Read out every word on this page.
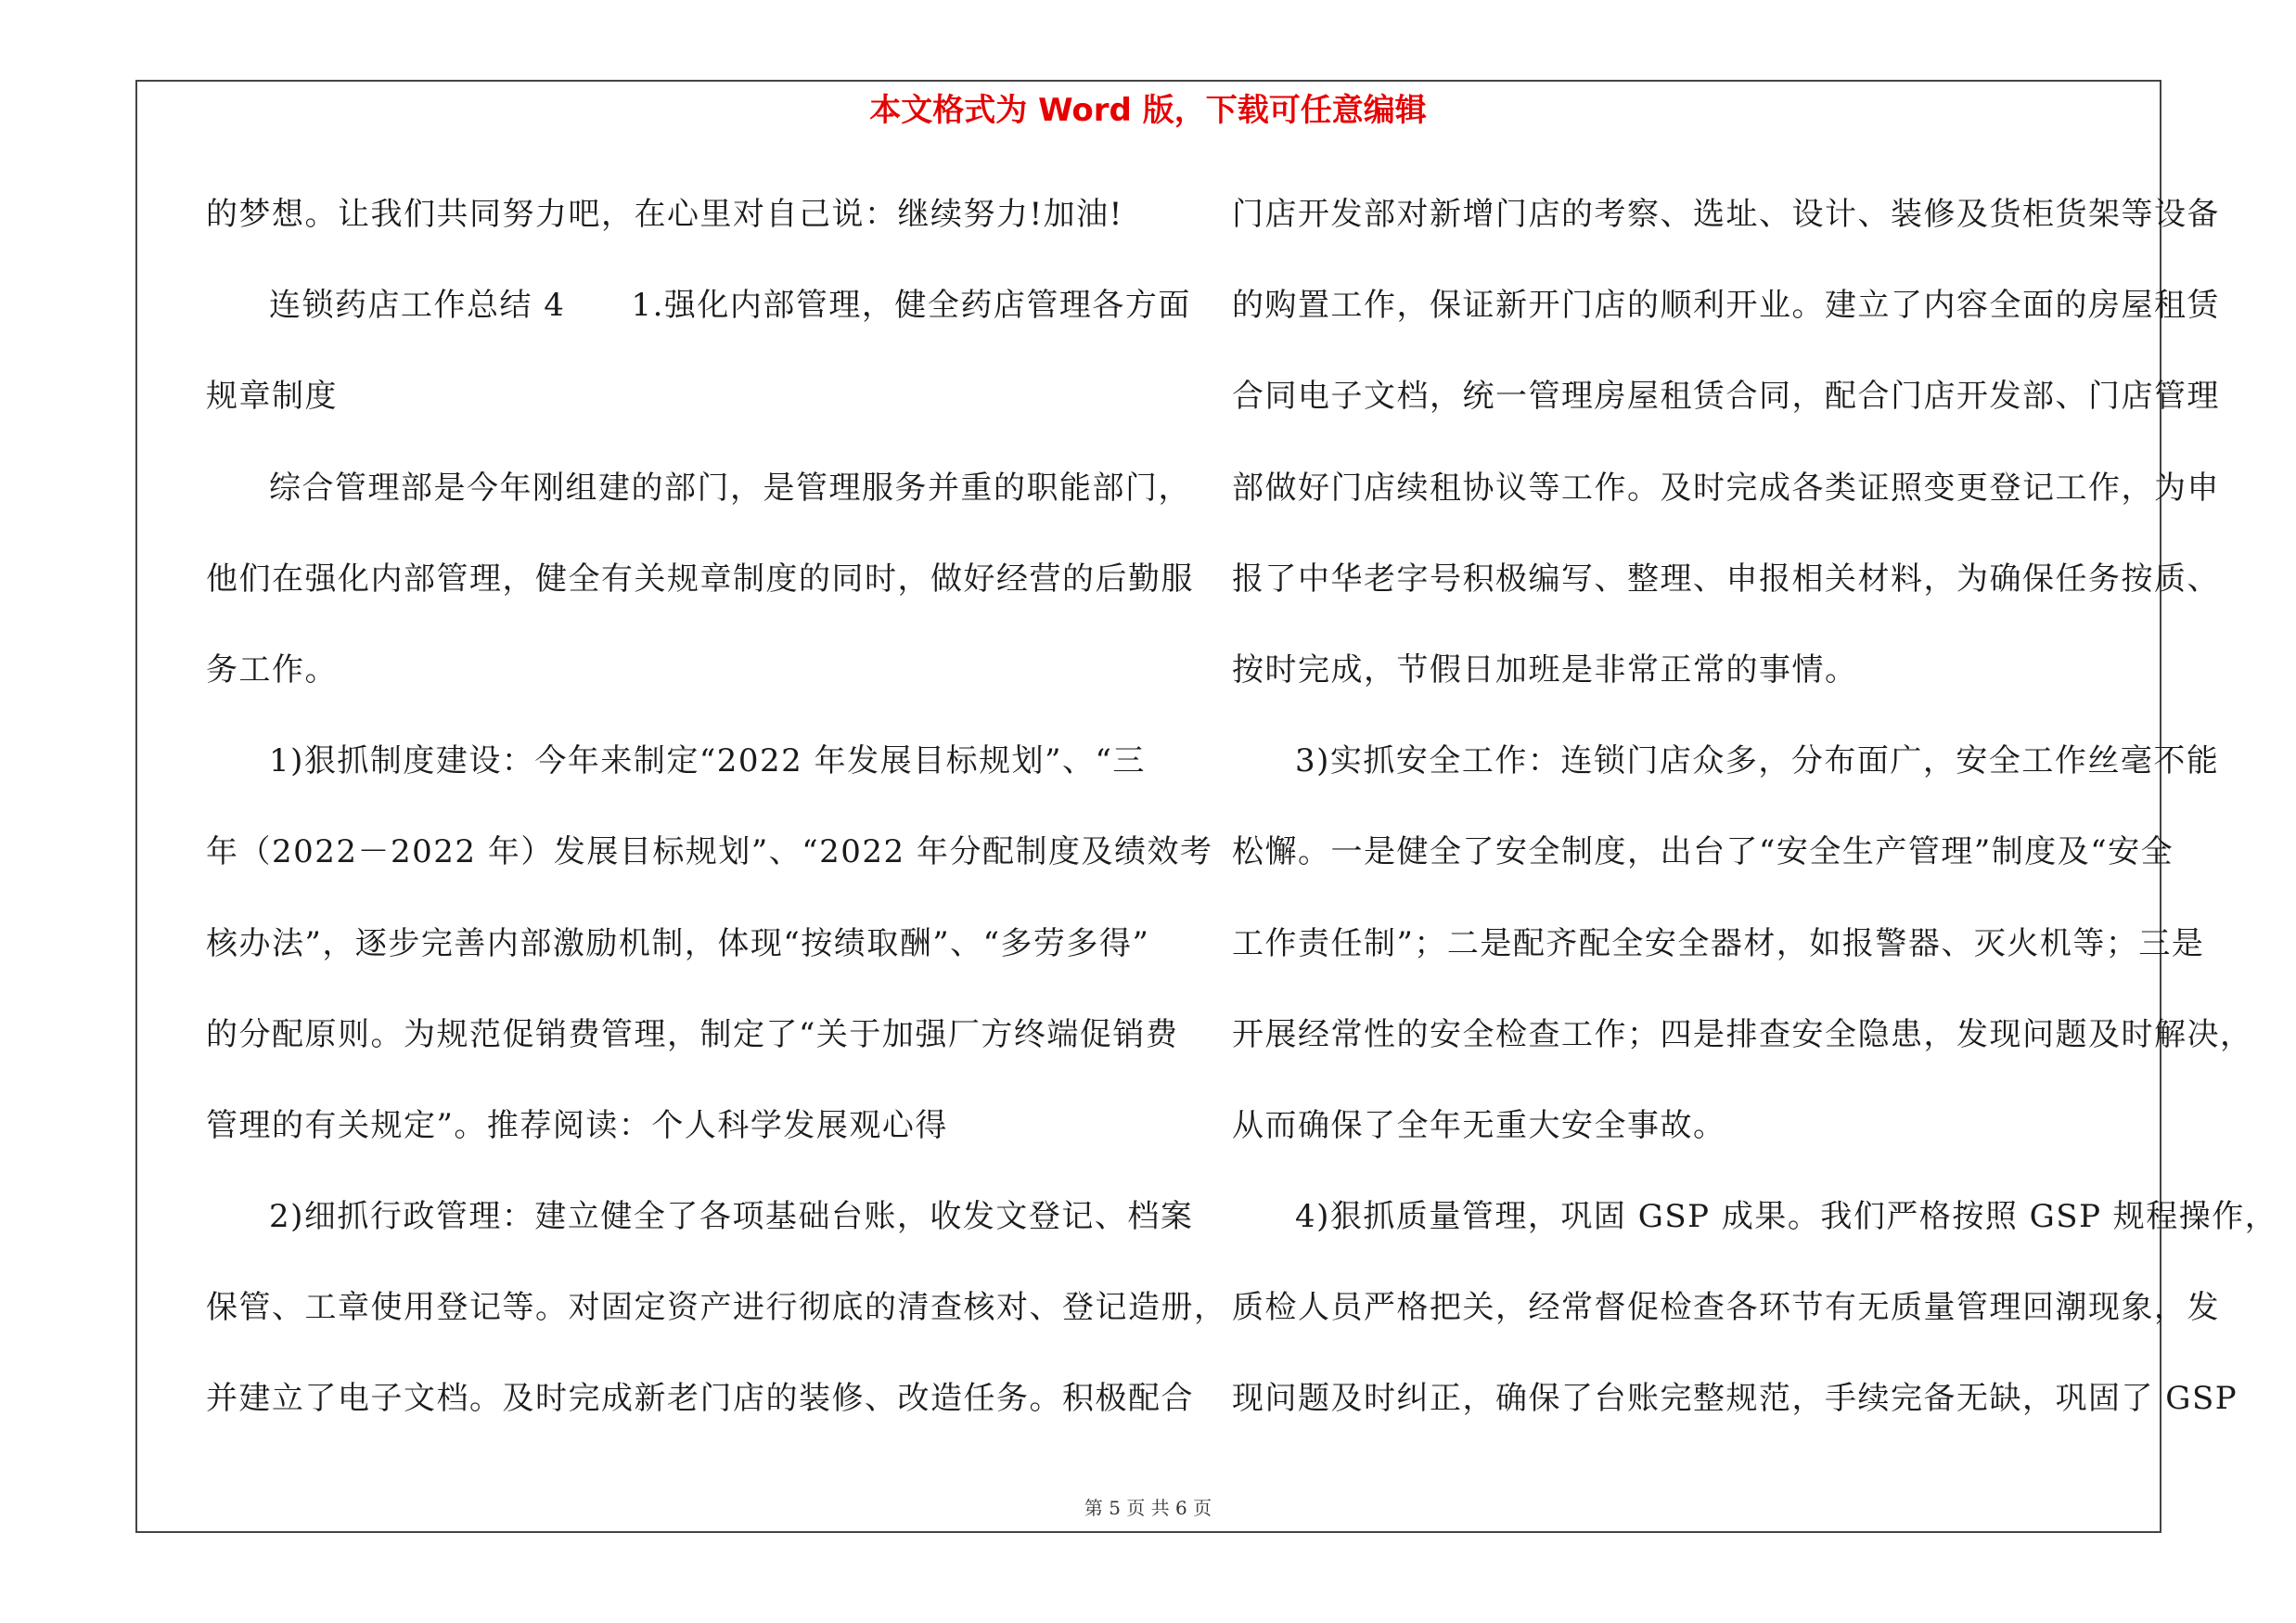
本文格式为 Word 版，下载可任意编辑
的梦想。让我们共同努力吧，在心里对自己说：继续努力!加油!
连锁药店工作总结 4　　1.强化内部管理，健全药店管理各方面
规章制度
综合管理部是今年刚组建的部门，是管理服务并重的职能部门，
他们在强化内部管理，健全有关规章制度的同时，做好经营的后勤服
务工作。
1)狠抓制度建设：今年来制定“2022 年发展目标规划”、“三
年（2022－2022 年）发展目标规划”、“2022 年分配制度及绩效考
核办法”，逐步完善内部激励机制，体现“按绩取酬”、“多劳多得”
的分配原则。为规范促销费管理，制定了“关于加强厂方终端促销费
管理的有关规定”。推荐阅读：个人科学发展观心得
2)细抓行政管理：建立健全了各项基础台账，收发文登记、档案
保管、工章使用登记等。对固定资产进行彻底的清查核对、登记造册，
并建立了电子文档。及时完成新老门店的装修、改造任务。积极配合
门店开发部对新增门店的考察、选址、设计、装修及货柜货架等设备
的购置工作，保证新开门店的顺利开业。建立了内容全面的房屋租赁
合同电子文档，统一管理房屋租赁合同，配合门店开发部、门店管理
部做好门店续租协议等工作。及时完成各类证照变更登记工作，为申
报了中华老字号积极编写、整理、申报相关材料，为确保任务按质、
按时完成，节假日加班是非常正常的事情。
3)实抓安全工作：连锁门店众多，分布面广，安全工作丝毫不能
松懈。一是健全了安全制度，出台了“安全生产管理”制度及“安全
工作责任制”；二是配齐配全安全器材，如报警器、灭火机等；三是
开展经常性的安全检查工作；四是排查安全隐患，发现问题及时解决，
从而确保了全年无重大安全事故。
4)狠抓质量管理，巩固 GSP 成果。我们严格按照 GSP 规程操作，
质检人员严格把关，经常督促检查各环节有无质量管理回潮现象，发
现问题及时纠正，确保了台账完整规范，手续完备无缺，巩固了 GSP
第 5 页 共 6 页
